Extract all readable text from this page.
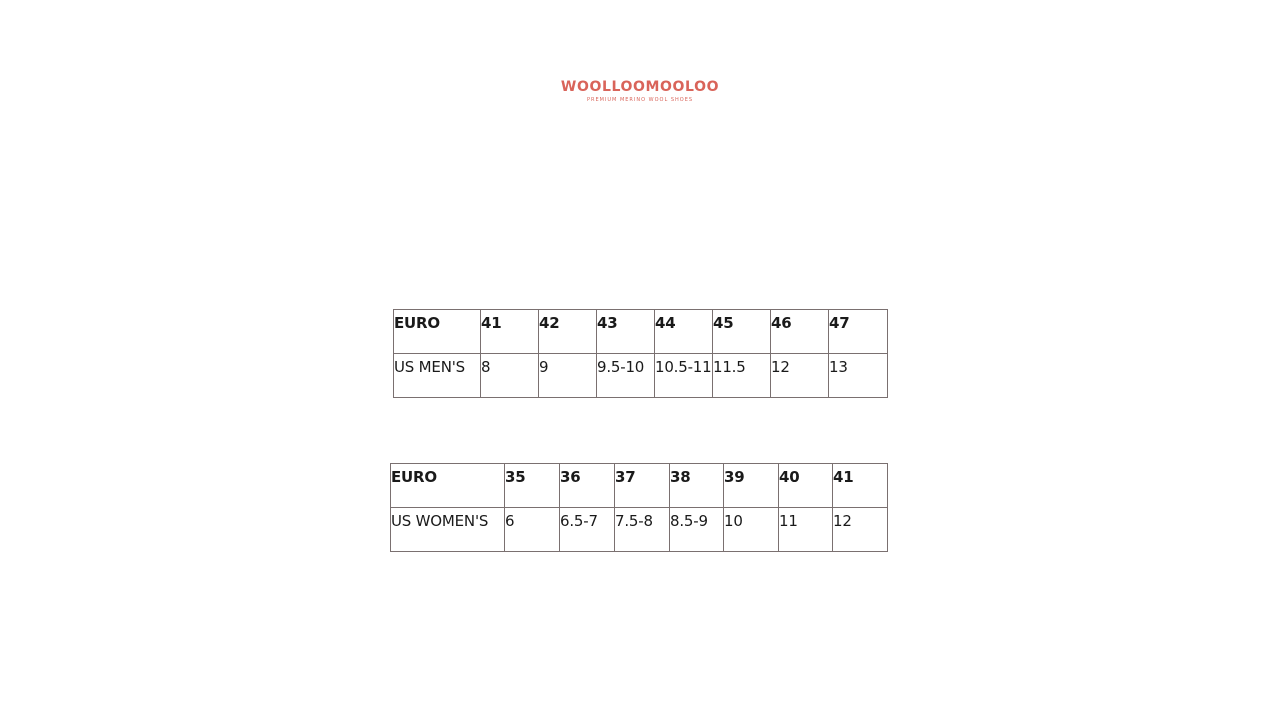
WOOLLOOMOOLOO
PREMIUM MERINO WOOL SHOES
EURO	41	42	43	44	45	46	47
US MEN'S	8	9	9.5-10	10.5-11	11.5	12	13
EURO	35	36	37	38	39	40	41
US WOMEN'S	6	6.5-7	7.5-8	8.5-9	10	11	12
